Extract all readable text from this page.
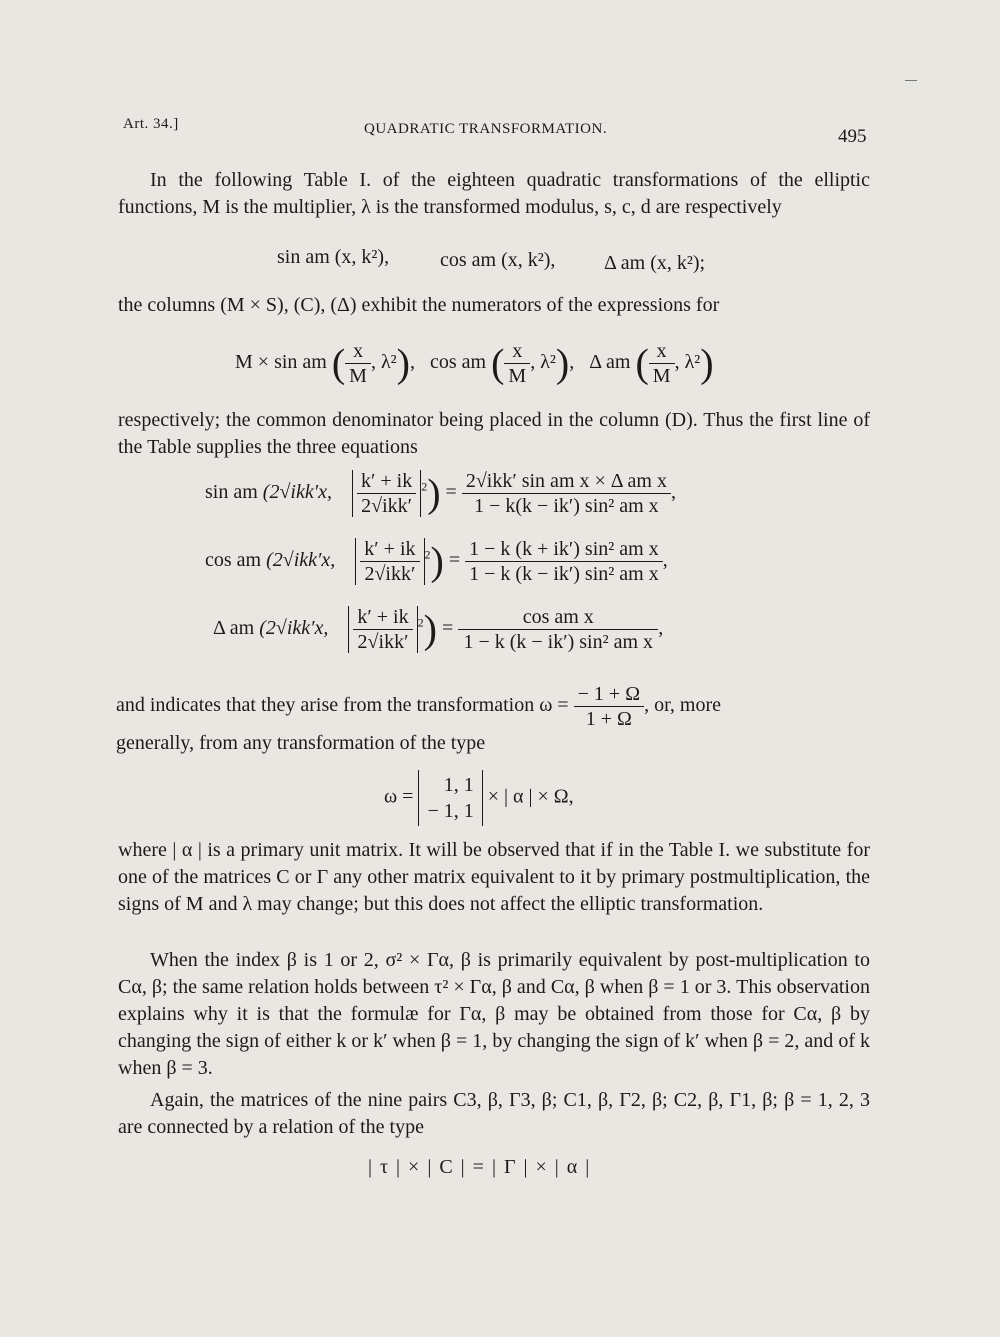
Art. 34.]	QUADRATIC TRANSFORMATION.	495

In the following Table I. of the eighteen quadratic transformations of the elliptic functions, M is the multiplier, λ is the transformed modulus, s, c, d are respectively

sin am (x, k²),	cos am (x, k²), Δ am (x, k²);

the columns (M × S), (C), (Δ) exhibit the numerators of the expressions for

M × sin am ( $\frac{x}{M}$ , λ²),   cos am ( $\frac{x}{M}$ , λ²),   Δ am ( $\frac{x}{M}$ , λ²)

respectively; the common denominator being placed in the column (D). Thus the first line of the Table supplies the three equations

sin am (2√ikk′x, $\frac{k' + ik}{\text{2√ikk′}} ^2) = \frac{\text{2√ikk′ sin am x × Δ am x}}{\text{1 − k(k − ik′) sin² am x}}$ ,
cos am (2√ikk′x, $\frac{k' + ik}{\text{2√ikk′}} ^2) = \frac{\text{1 − k (k + ik′) sin² am x}}{\text{1 − k (k − ik′) sin² am x}}$ ,
Δ am (2√ikk′x, $\frac{k' + ik}{\text{2√ikk′}} ^2) = \frac{\text{cos am x}}{\text{1 − k (k − ik′) sin² am x}}$ ,
and indicates that they arise from the transformation $\omega = \frac{- 1 + \Omega}{1 + \Omega}$ , or, more
generally, from any transformation of the type
ω = 1, 1
− 1, 1 × | α | × Ω,

where | α | is a primary unit matrix. It will be observed that if in the Table I. we substitute for one of the matrices C or Γ any other matrix equivalent to it by primary postmultiplication, the signs of M and λ may change; but this does not affect the elliptic transformation.

When the index β is 1 or 2, σ² × Γα, β is primarily equivalent by post-multiplication to Cα, β; the same relation holds between τ² × Γα, β and Cα, β when β = 1 or 3. This observation explains why it is that the formulæ for Γα, β may be obtained from those for Cα, β by changing the sign of either k or k′ when β = 1, by changing the sign of k′ when β = 2, and of k when β = 3.

Again, the matrices of the nine pairs C3, β, Γ3, β; C1, β, Γ2, β; C2, β, Γ1, β; β = 1, 2, 3 are connected by a relation of the type

| τ | × | C | = | Γ | × | α |
